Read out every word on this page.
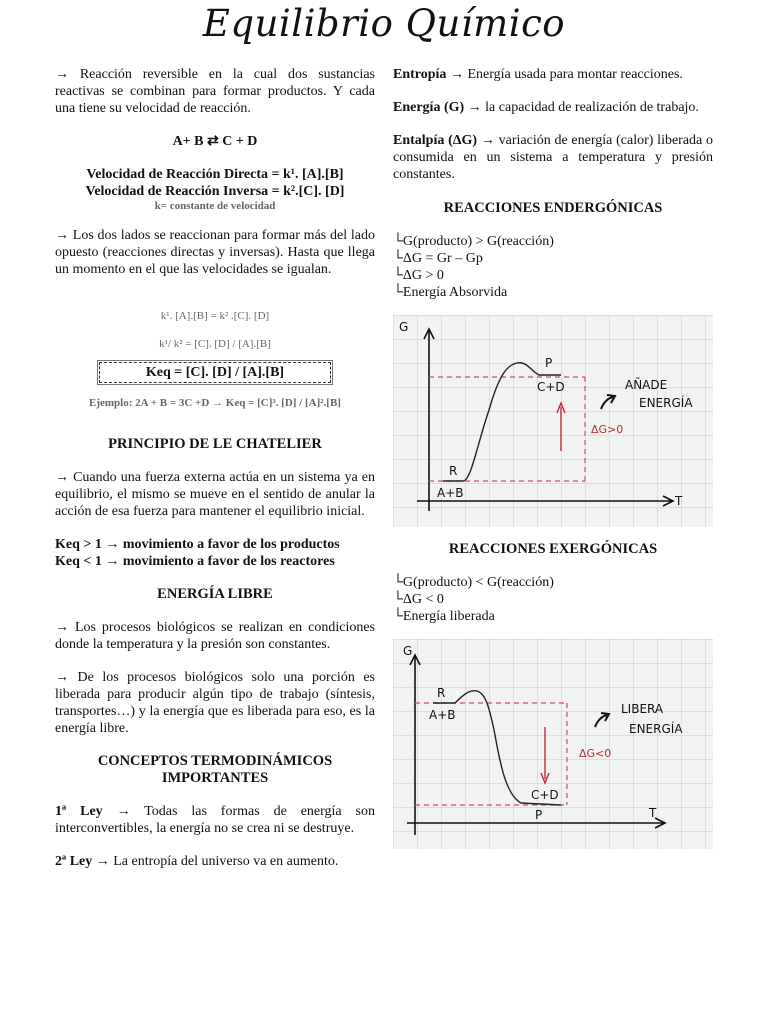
Equilibrio Químico

→ Reacción reversible en la cual dos sustancias reactivas se combinan para formar productos. Y cada una tiene su velocidad de reacción.

A+ B ⇄ C + D

Velocidad de Reacción Directa = k¹. [A].[B]

Velocidad de Reacción Inversa = k².[C]. [D]

k= constante de velocidad

→ Los dos lados se reaccionan para formar más del lado opuesto (reacciones directas y inversas). Hasta que llega un momento en el que las velocidades se igualan.

k¹. [A].[B] = k² .[C]. [D]

k¹/ k² = [C]. [D] / [A].[B]

Keq = [C]. [D] / [A].[B]

Ejemplo: 2A + B = 3C +D → Keq = [C]³. [D] / [A]².[B]

PRINCIPIO DE LE CHATELIER

→ Cuando una fuerza externa actúa en un sistema ya en equilibrio, el mismo se mueve en el sentido de anular la acción de esa fuerza para mantener el equilibrio inicial.

Keq > 1 → movimiento a favor de los productos

Keq < 1 → movimiento a favor de los reactores

ENERGÍA LIBRE

→ Los procesos biológicos se realizan en condiciones donde la temperatura y la presión son constantes.

→ De los procesos biológicos solo una porción es liberada para producir algún tipo de trabajo (síntesis, transportes…) y la energía que es liberada para eso, es la energía libre.

CONCEPTOS TERMODINÁMICOS IMPORTANTES

1ª Ley → Todas las formas de energía son interconvertibles, la energía no se crea ni se destruye.

2ª Ley → La entropía del universo va en aumento.

Entropía → Energía usada para montar reacciones.

Energía (G) → la capacidad de realización de trabajo.

Entalpía (ΔG) → variación de energía (calor) liberada o consumida en un sistema a temperatura y presión constantes.

REACCIONES ENDERGÓNICAS

└G(producto) > G(reacción)
└ΔG = Gr – Gp
└ΔG > 0
└Energía Absorvida
G
T
R
A+B
P
C+D	AÑADE
ENERGÍA
ΔG>0

REACCIONES EXERGÓNICAS

└G(producto) < G(reacción)
└ΔG < 0
└Energía liberada
G
T
R
A+B
C+D
P
LIBERA
ENERGÍA
ΔG<0
